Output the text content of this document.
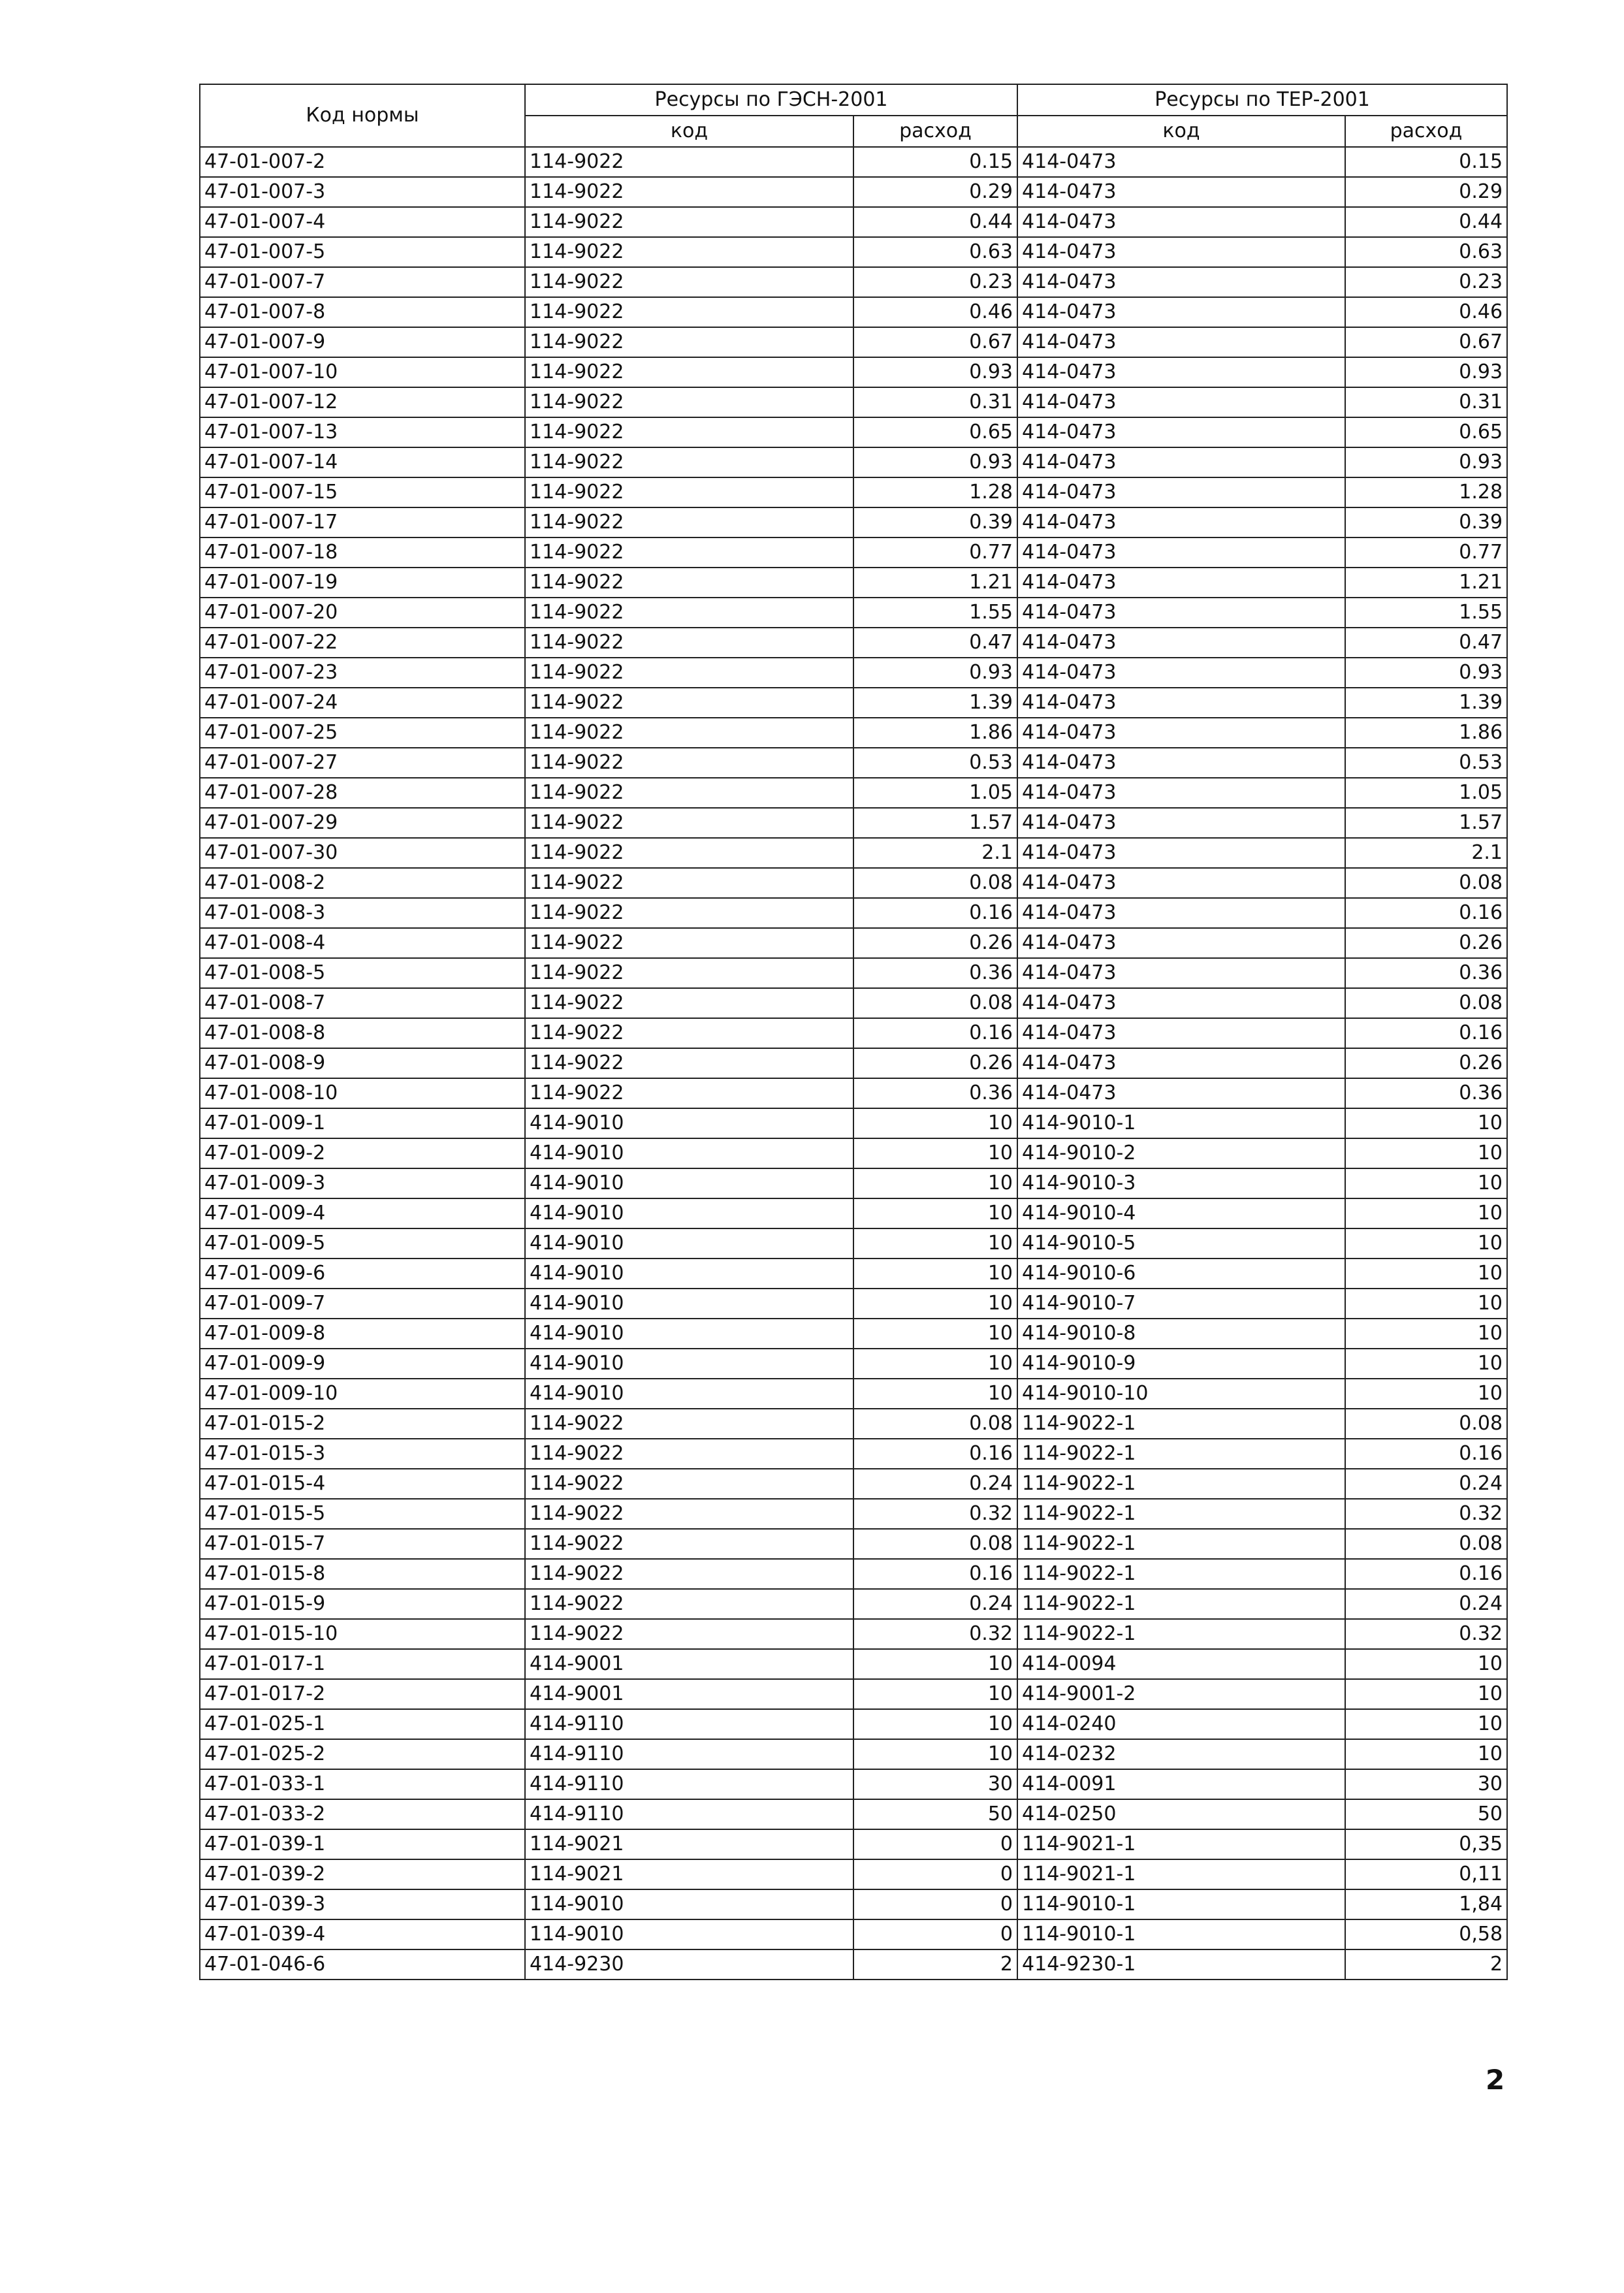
Код нормы	Ресурсы по ГЭСН-2001		Ресурсы по ТЕР-2001	
	код	расход	код	расход
47-01-007-2	114-9022	0.15	414-0473	0.15
47-01-007-3	114-9022	0.29	414-0473	0.29
47-01-007-4	114-9022	0.44	414-0473	0.44
47-01-007-5	114-9022	0.63	414-0473	0.63
47-01-007-7	114-9022	0.23	414-0473	0.23
47-01-007-8	114-9022	0.46	414-0473	0.46
47-01-007-9	114-9022	0.67	414-0473	0.67
47-01-007-10	114-9022	0.93	414-0473	0.93
47-01-007-12	114-9022	0.31	414-0473	0.31
47-01-007-13	114-9022	0.65	414-0473	0.65
47-01-007-14	114-9022	0.93	414-0473	0.93
47-01-007-15	114-9022	1.28	414-0473	1.28
47-01-007-17	114-9022	0.39	414-0473	0.39
47-01-007-18	114-9022	0.77	414-0473	0.77
47-01-007-19	114-9022	1.21	414-0473	1.21
47-01-007-20	114-9022	1.55	414-0473	1.55
47-01-007-22	114-9022	0.47	414-0473	0.47
47-01-007-23	114-9022	0.93	414-0473	0.93
47-01-007-24	114-9022	1.39	414-0473	1.39
47-01-007-25	114-9022	1.86	414-0473	1.86
47-01-007-27	114-9022	0.53	414-0473	0.53
47-01-007-28	114-9022	1.05	414-0473	1.05
47-01-007-29	114-9022	1.57	414-0473	1.57
47-01-007-30	114-9022	2.1	414-0473	2.1
47-01-008-2	114-9022	0.08	414-0473	0.08
47-01-008-3	114-9022	0.16	414-0473	0.16
47-01-008-4	114-9022	0.26	414-0473	0.26
47-01-008-5	114-9022	0.36	414-0473	0.36
47-01-008-7	114-9022	0.08	414-0473	0.08
47-01-008-8	114-9022	0.16	414-0473	0.16
47-01-008-9	114-9022	0.26	414-0473	0.26
47-01-008-10	114-9022	0.36	414-0473	0.36
47-01-009-1	414-9010	10	414-9010-1	10
47-01-009-2	414-9010	10	414-9010-2	10
47-01-009-3	414-9010	10	414-9010-3	10
47-01-009-4	414-9010	10	414-9010-4	10
47-01-009-5	414-9010	10	414-9010-5	10
47-01-009-6	414-9010	10	414-9010-6	10
47-01-009-7	414-9010	10	414-9010-7	10
47-01-009-8	414-9010	10	414-9010-8	10
47-01-009-9	414-9010	10	414-9010-9	10
47-01-009-10	414-9010	10	414-9010-10	10
47-01-015-2	114-9022	0.08	114-9022-1	0.08
47-01-015-3	114-9022	0.16	114-9022-1	0.16
47-01-015-4	114-9022	0.24	114-9022-1	0.24
47-01-015-5	114-9022	0.32	114-9022-1	0.32
47-01-015-7	114-9022	0.08	114-9022-1	0.08
47-01-015-8	114-9022	0.16	114-9022-1	0.16
47-01-015-9	114-9022	0.24	114-9022-1	0.24
47-01-015-10	114-9022	0.32	114-9022-1	0.32
47-01-017-1	414-9001	10	414-0094	10
47-01-017-2	414-9001	10	414-9001-2	10
47-01-025-1	414-9110	10	414-0240	10
47-01-025-2	414-9110	10	414-0232	10
47-01-033-1	414-9110	30	414-0091	30
47-01-033-2	414-9110	50	414-0250	50
47-01-039-1	114-9021	0	114-9021-1	0,35
47-01-039-2	114-9021	0	114-9021-1	0,11
47-01-039-3	114-9010	0	114-9010-1	1,84
47-01-039-4	114-9010	0	114-9010-1	0,58
47-01-046-6	414-9230	2	414-9230-1	2
2
